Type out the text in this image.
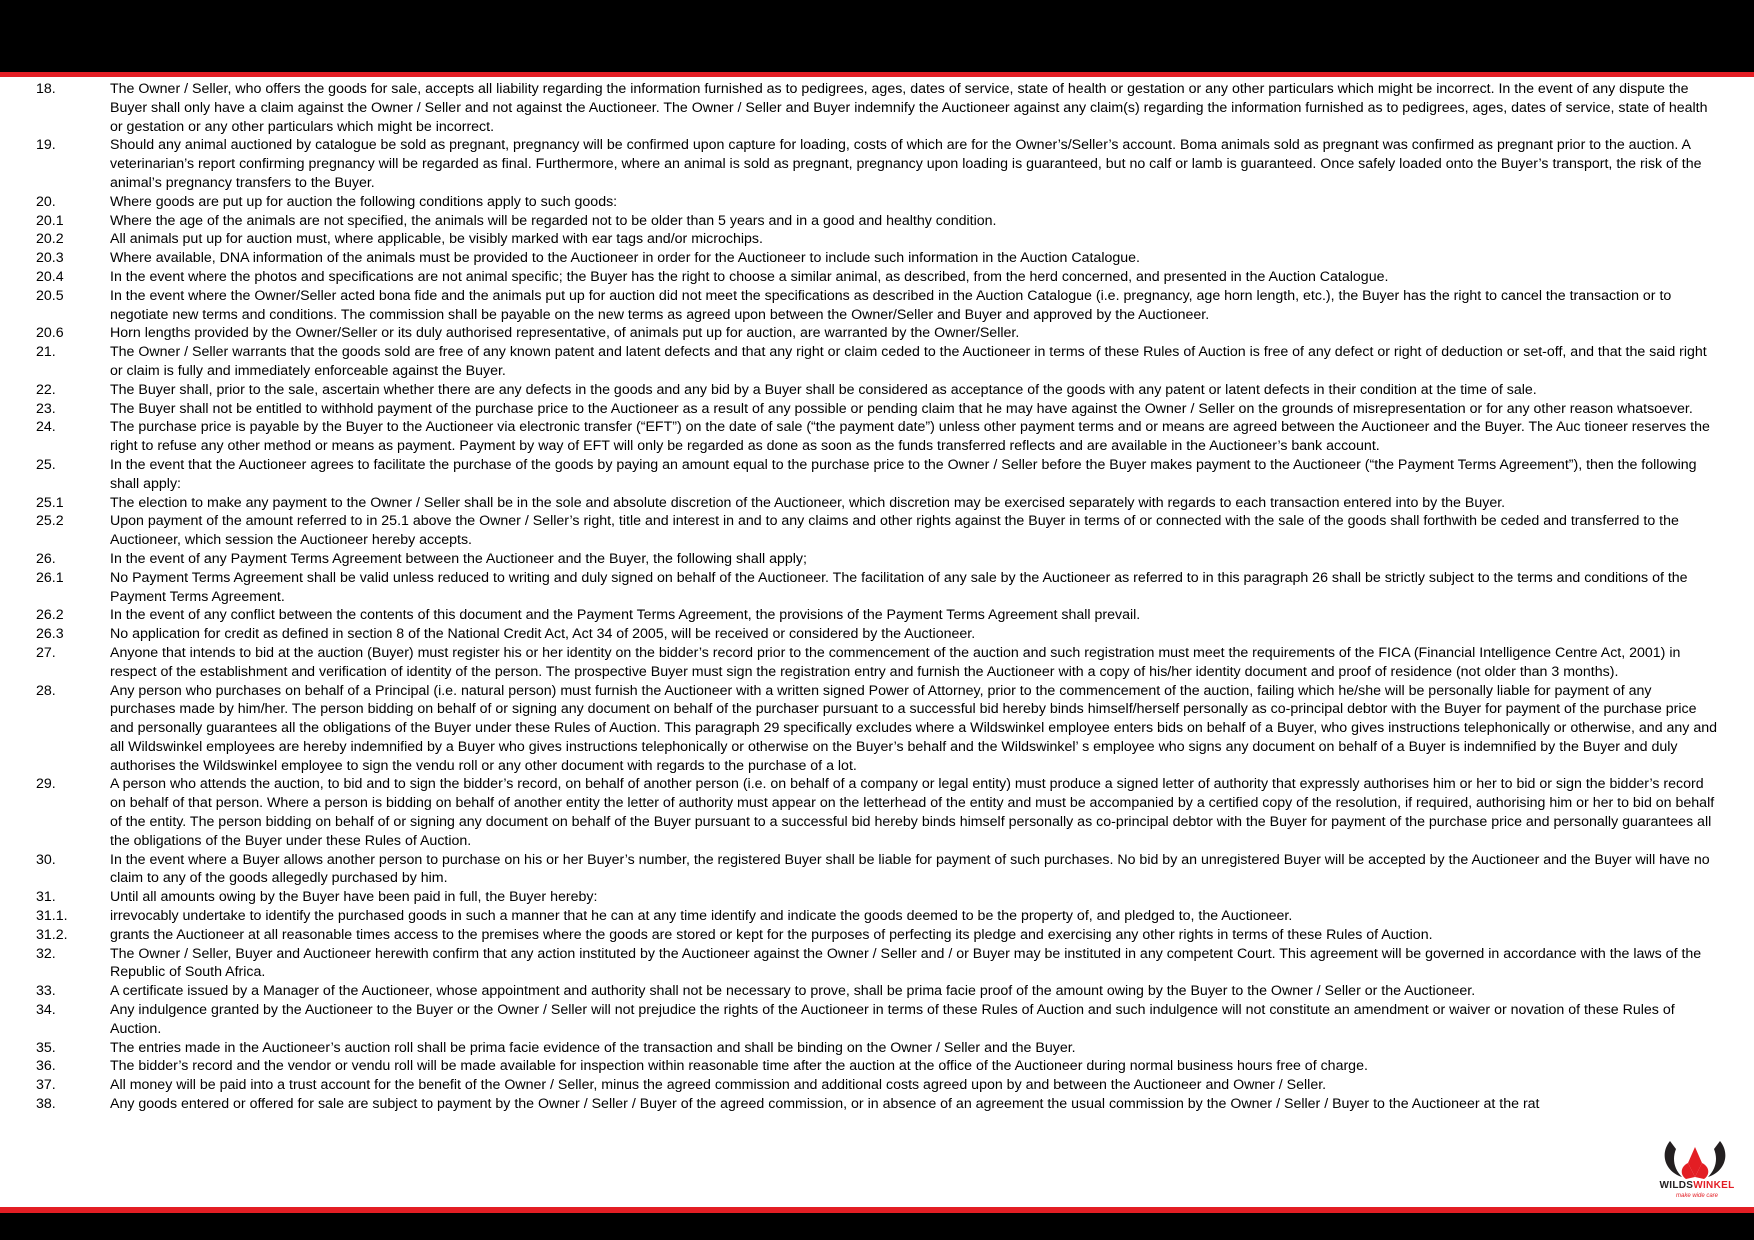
18.	The Owner / Seller, who offers the goods for sale, accepts all liability regarding the information furnished as to pedigrees, ages, dates of service, state of health or gestation or any other particulars which might be incorrect. In the event of any dispute the Buyer shall only have a claim against the Owner / Seller and not against the Auctioneer. The Owner / Seller and Buyer indemnify the Auctioneer against any claim(s) regarding the information furnished as to pedigrees, ages, dates of service, state of health or gestation or any other particulars which might be incorrect.
19.	Should any animal auctioned by catalogue be sold as pregnant, pregnancy will be confirmed upon capture for loading, costs of which are for the Owner’s/Seller’s account. Boma animals sold as pregnant was confirmed as pregnant prior to the auction. A veterinarian’s report confirming pregnancy will be regarded as final. Furthermore, where an animal is sold as pregnant, pregnancy upon loading is guaranteed, but no calf or lamb is guaranteed. Once safely loaded onto the Buyer’s transport, the risk of the animal’s pregnancy transfers to the Buyer.
20.	Where goods are put up for auction the following conditions apply to such goods:
20.1	Where the age of the animals are not specified, the animals will be regarded not to be older than 5 years and in a good and healthy condition.
20.2	All animals put up for auction must, where applicable, be visibly marked with ear tags and/or microchips.
20.3	Where available, DNA information of the animals must be provided to the Auctioneer in order for the Auctioneer to include such information in the Auction Catalogue.
20.4	In the event where the photos and specifications are not animal specific; the Buyer has the right to choose a similar animal, as described, from the herd concerned, and presented in the Auction Catalogue.
20.5	In the event where the Owner/Seller acted bona fide and the animals put up for auction did not meet the specifications as described in the Auction Catalogue (i.e. pregnancy, age horn length, etc.), the Buyer has the right to cancel the transaction or to negotiate new terms and conditions. The commission shall be payable on the new terms as agreed upon between the Owner/Seller and Buyer and approved by the Auctioneer.
20.6	Horn lengths provided by the Owner/Seller or its duly authorised representative, of animals put up for auction, are warranted by the Owner/Seller.
21.	The Owner / Seller warrants that the goods sold are free of any known patent and latent defects and that any right or claim ceded to the Auctioneer in terms of these Rules of Auction is free of any defect or right of deduction or set-off, and that the said right or claim is fully and immediately enforceable against the Buyer.
22.	The Buyer shall, prior to the sale, ascertain whether there are any defects in the goods and any bid by a Buyer shall be considered as acceptance of the goods with any patent or latent defects in their condition at the time of sale.
23.	The Buyer shall not be entitled to withhold payment of the purchase price to the Auctioneer as a result of any possible or pending claim that he may have against the Owner / Seller on the grounds of misrepresentation or for any other reason whatsoever.
24.	The purchase price is payable by the Buyer to the Auctioneer via electronic transfer (“EFT”) on the date of sale (“the payment date”) unless other payment terms and or means are agreed between the Auctioneer and the Buyer. The Auc tioneer reserves the right to refuse any other method or means as payment. Payment by way of EFT will only be regarded as done as soon as the funds transferred reflects and are available in the Auctioneer’s bank account.
25.	In the event that the Auctioneer agrees to facilitate the purchase of the goods by paying an amount equal to the purchase price to the Owner / Seller before the Buyer makes payment to the Auctioneer (“the Payment Terms Agreement”), then the following shall apply:
25.1	The election to make any payment to the Owner / Seller shall be in the sole and absolute discretion of the Auctioneer, which discretion may be exercised separately with regards to each transaction entered into by the Buyer.
25.2	Upon payment of the amount referred to in 25.1 above the Owner / Seller’s right, title and interest in and to any claims and other rights against the Buyer in terms of or connected with the sale of the goods shall forthwith be ceded and transferred to the Auctioneer, which session the Auctioneer hereby accepts.
26.	In the event of any Payment Terms Agreement between the Auctioneer and the Buyer, the following shall apply;
26.1	No Payment Terms Agreement shall be valid unless reduced to writing and duly signed on behalf of the Auctioneer. The facilitation of any sale by the Auctioneer as referred to in this paragraph 26 shall be strictly subject to the terms and conditions of the Payment Terms Agreement.
26.2	In the event of any conflict between the contents of this document and the Payment Terms Agreement, the provisions of the Payment Terms Agreement shall prevail.
26.3	No application for credit as defined in section 8 of the National Credit Act, Act 34 of 2005, will be received or considered by the Auctioneer.
27.	Anyone that intends to bid at the auction (Buyer) must register his or her identity on the bidder’s record prior to the commencement of the auction and such registration must meet the requirements of the FICA (Financial Intelligence Centre Act, 2001) in respect of the establishment and verification of identity of the person. The prospective Buyer must sign the registration entry and furnish the Auctioneer with a copy of his/her identity document and proof of residence (not older than 3 months).
28.	Any person who purchases on behalf of a Principal (i.e. natural person) must furnish the Auctioneer with a written signed Power of Attorney, prior to the commencement of the auction, failing which he/she will be personally liable for payment of any purchases made by him/her. The person bidding on behalf of or signing any document on behalf of the purchaser pursuant to a successful bid hereby binds himself/herself personally as co-principal debtor with the Buyer for payment of the purchase price and personally guarantees all the obligations of the Buyer under these Rules of Auction. This paragraph 29 specifically excludes where a Wildswinkel employee enters bids on behalf of a Buyer, who gives instructions telephonically or otherwise, and any and all Wildswinkel employees are hereby indemnified by a Buyer who gives instructions telephonically or otherwise on the Buyer’s behalf and the Wildswinkel’ s employee who signs any document on behalf of a Buyer is indemnified by the Buyer and duly authorises the Wildswinkel employee to sign the vendu roll or any other document with regards to the purchase of a lot.
29.	A person who attends the auction, to bid and to sign the bidder’s record, on behalf of another person (i.e. on behalf of a company or legal entity) must produce a signed letter of authority that expressly authorises him or her to bid or sign the bidder’s record on behalf of that person. Where a person is bidding on behalf of another entity the letter of authority must appear on the letterhead of the entity and must be accompanied by a certified copy of the resolution, if required, authorising him or her to bid on behalf of the entity. The person bidding on behalf of or signing any document on behalf of the Buyer pursuant to a successful bid hereby binds himself personally as co-principal debtor with the Buyer for payment of the purchase price and personally guarantees all the obligations of the Buyer under these Rules of Auction.
30.	In the event where a Buyer allows another person to purchase on his or her Buyer’s number, the registered Buyer shall be liable for payment of such purchases. No bid by an unregistered Buyer will be accepted by the Auctioneer and the Buyer will have no claim to any of the goods allegedly purchased by him.
31.	Until all amounts owing by the Buyer have been paid in full, the Buyer hereby:
31.1.	irrevocably undertake to identify the purchased goods in such a manner that he can at any time identify and indicate the goods deemed to be the property of, and pledged to, the Auctioneer.
31.2.	grants the Auctioneer at all reasonable times access to the premises where the goods are stored or kept for the purposes of perfecting its pledge and exercising any other rights in terms of these Rules of Auction.
32.	The Owner / Seller, Buyer and Auctioneer herewith confirm that any action instituted by the Auctioneer against the Owner / Seller and / or Buyer may be instituted in any competent Court. This agreement will be governed in accordance with the laws of the Republic of South Africa.
33.	A certificate issued by a Manager of the Auctioneer, whose appointment and authority shall not be necessary to prove, shall be prima facie proof of the amount owing by the Buyer to the Owner / Seller or the Auctioneer.
34.	Any indulgence granted by the Auctioneer to the Buyer or the Owner / Seller will not prejudice the rights of the Auctioneer in terms of these Rules of Auction and such indulgence will not constitute an amendment or waiver or novation of these Rules of Auction.
35.	The entries made in the Auctioneer’s auction roll shall be prima facie evidence of the transaction and shall be binding on the Owner / Seller and the Buyer.
36.	The bidder’s record and the vendor or vendu roll will be made available for inspection within reasonable time after the auction at the office of the Auctioneer during normal business hours free of charge.
37.	All money will be paid into a trust account for the benefit of the Owner / Seller, minus the agreed commission and additional costs agreed upon by and between the Auctioneer and Owner / Seller.
38.	Any goods entered or offered for sale are subject to payment by the Owner / Seller / Buyer of the agreed commission, or in absence of an agreement the usual commission by the Owner / Seller / Buyer to the Auctioneer at the rat
WILDSWINKEL
make wide care
